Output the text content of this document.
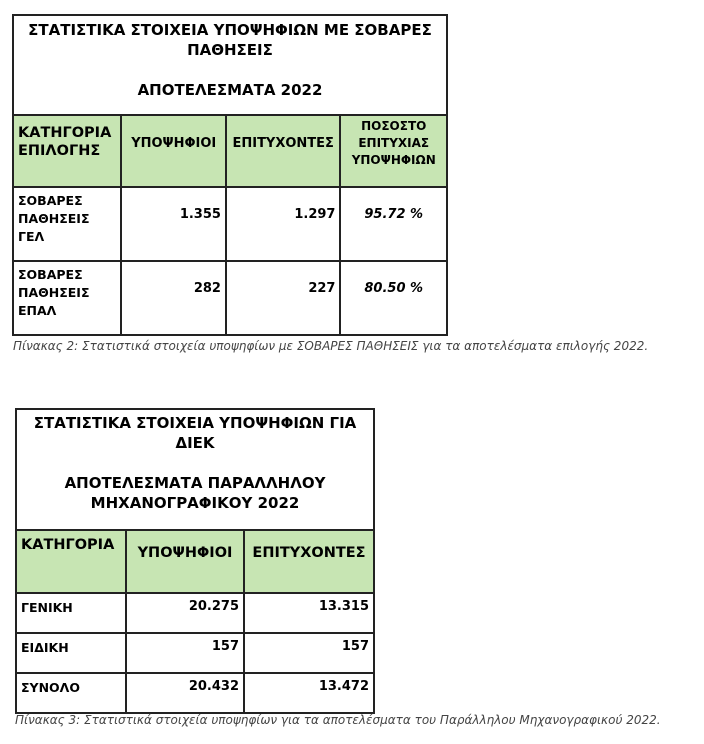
ΣΤΑΤΙΣΤΙΚΑ ΣΤΟΙΧΕΙΑ ΥΠΟΨΗΦΙΩΝ ΜΕ ΣΟΒΑΡΕΣ ΠΑΘΗΣΕΙΣ
ΑΠΟΤΕΛΕΣΜΑΤΑ 2022			

ΚΑΤΗΓΟΡΙΑ ΕΠΙΛΟΓΗΣ	ΥΠΟΨΗΦΙΟΙ	ΕΠΙΤΥΧΟΝΤΕΣ	ΠΟΣΟΣΤΟ ΕΠΙΤΥΧΙΑΣ ΥΠΟΨΗΦΙΩΝ
ΣΟΒΑΡΕΣ ΠΑΘΗΣΕΙΣ ΓΕΛ	1.355	1.297	95.72 %
ΣΟΒΑΡΕΣ ΠΑΘΗΣΕΙΣ ΕΠΑΛ	282	227	80.50 %
Πίνακας 2: Στατιστικά στοιχεία υποψηφίων με ΣΟΒΑΡΕΣ ΠΑΘΗΣΕΙΣ για τα αποτελέσματα επιλογής 2022.
ΣΤΑΤΙΣΤΙΚΑ ΣΤΟΙΧΕΙΑ ΥΠΟΨΗΦΙΩΝ ΓΙΑ ΔΙΕΚ
ΑΠΟΤΕΛΕΣΜΑΤΑ ΠΑΡΑΛΛΗΛΟΥ ΜΗΧΑΝΟΓΡΑΦΙΚΟΥ 2022		

ΚΑΤΗΓΟΡΙΑ	ΥΠΟΨΗΦΙΟΙ	ΕΠΙΤΥΧΟΝΤΕΣ
ΓΕΝΙΚΗ	20.275	13.315
ΕΙΔΙΚΗ	157	157
ΣΥΝΟΛΟ	20.432	13.472
Πίνακας 3: Στατιστικά στοιχεία υποψηφίων για τα αποτελέσματα του Παράλληλου Μηχανογραφικού 2022.
